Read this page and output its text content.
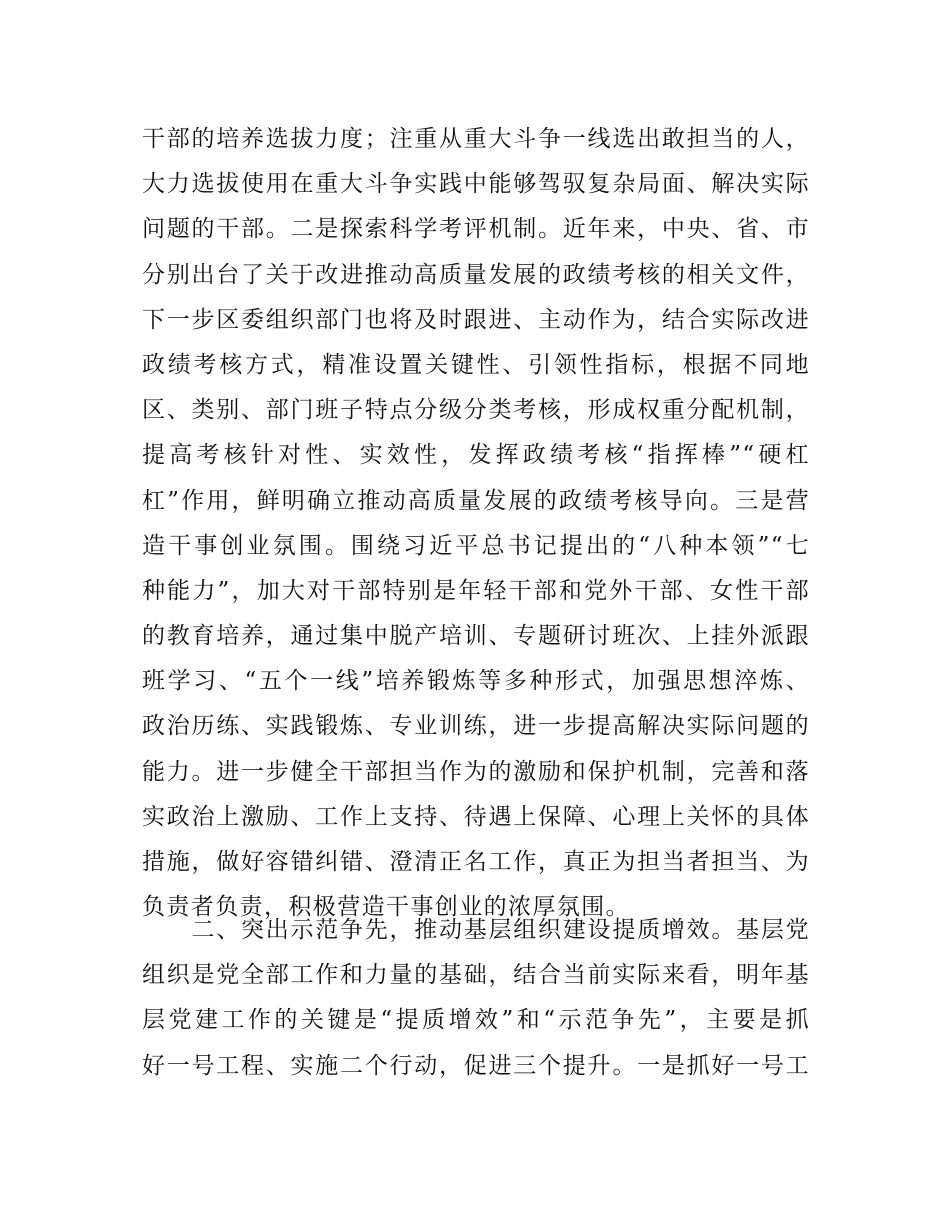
干部的培养选拔力度；注重从重大斗争一线选出敢担当的人，
大力选拔使用在重大斗争实践中能够驾驭复杂局面、解决实际
问题的干部。二是探索科学考评机制。近年来，中央、省、市
分别出台了关于改进推动高质量发展的政绩考核的相关文件，
下一步区委组织部门也将及时跟进、主动作为，结合实际改进
政绩考核方式，精准设置关键性、引领性指标，根据不同地
区、类别、部门班子特点分级分类考核，形成权重分配机制，
提高考核针对性、实效性，发挥政绩考核“指挥棒”“硬杠
杠”作用，鲜明确立推动高质量发展的政绩考核导向。三是营
造干事创业氛围。围绕习近平总书记提出的“八种本领”“七
种能力”，加大对干部特别是年轻干部和党外干部、女性干部
的教育培养，通过集中脱产培训、专题研讨班次、上挂外派跟
班学习、“五个一线”培养锻炼等多种形式，加强思想淬炼、
政治历练、实践锻炼、专业训练，进一步提高解决实际问题的
能力。进一步健全干部担当作为的激励和保护机制，完善和落
实政治上激励、工作上支持、待遇上保障、心理上关怀的具体
措施，做好容错纠错、澄清正名工作，真正为担当者担当、为
负责者负责，积极营造干事创业的浓厚氛围。
　　二、突出示范争先，推动基层组织建设提质增效。基层党
组织是党全部工作和力量的基础，结合当前实际来看，明年基
层党建工作的关键是“提质增效”和“示范争先”，主要是抓
好一号工程、实施二个行动，促进三个提升。一是抓好一号工
